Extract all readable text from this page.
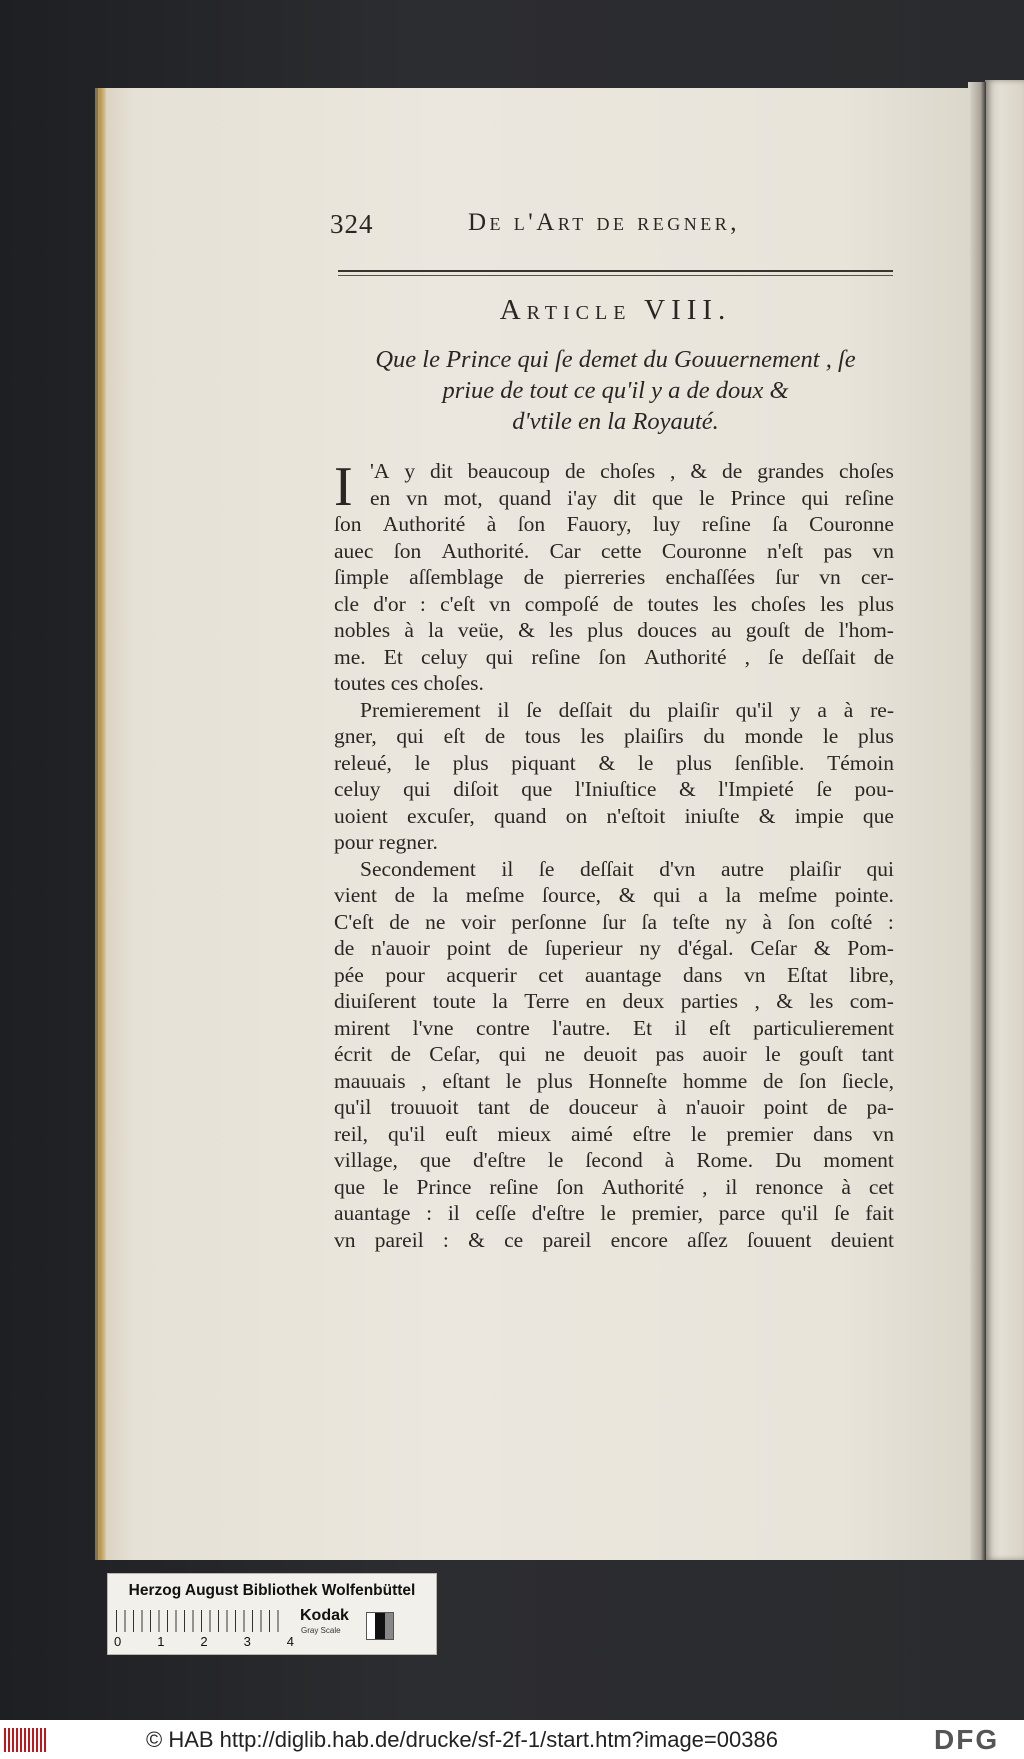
324	De l'Art de regner,
Article VIII.
Que le Prince qui ſe demet du Gouuernement , ſe
priue de tout ce qu'il y a de doux &
d'vtile en la Royauté.
I 'A y dit beaucoup de choſes , & de grandes choſes
en vn mot, quand i'ay dit que le Prince qui reſine
ſon Authorité à ſon Fauory, luy reſine ſa Couronne
auec ſon Authorité. Car cette Couronne n'eſt pas vn
ſimple aſſemblage de pierreries enchaſſées ſur vn cer-
cle d'or : c'eſt vn compoſé de toutes les choſes les plus
nobles à la veüe, & les plus douces au gouſt de l'hom-
me. Et celuy qui reſine ſon Authorité , ſe deſſait de
toutes ces choſes.
Premierement il ſe deſſait du plaiſir qu'il y a à re-
gner, qui eſt de tous les plaiſirs du monde le plus
releué, le plus piquant & le plus ſenſible. Témoin
celuy qui diſoit que l'Iniuſtice & l'Impieté ſe pou-
uoient excuſer, quand on n'eſtoit iniuſte & impie que
pour regner.
Secondement il ſe deſſait d'vn autre plaiſir qui
vient de la meſme ſource, & qui a la meſme pointe.
C'eſt de ne voir perſonne ſur ſa teſte ny à ſon coſté :
de n'auoir point de ſuperieur ny d'égal. Ceſar & Pom-
pée pour acquerir cet auantage dans vn Eſtat libre,
diuiſerent toute la Terre en deux parties , & les com-
mirent l'vne contre l'autre. Et il eſt particulierement
écrit de Ceſar, qui ne deuoit pas auoir le gouſt tant
mauuais , eſtant le plus Honneſte homme de ſon ſiecle,
qu'il trouuoit tant de douceur à n'auoir point de pa-
reil, qu'il euſt mieux aimé eſtre le premier dans vn
village, que d'eſtre le ſecond à Rome. Du moment
que le Prince reſine ſon Authorité , il renonce à cet
auantage : il ceſſe d'eſtre le premier, parce qu'il ſe fait
vn pareil : & ce pareil encore aſſez ſouuent deuient
Herzog August Bibliothek Wolfenbüttel
0	1	2	3	4
Kodak
Gray Scale
© HAB http://diglib.hab.de/drucke/sf-2f-1/start.htm?image=00386	DFG
